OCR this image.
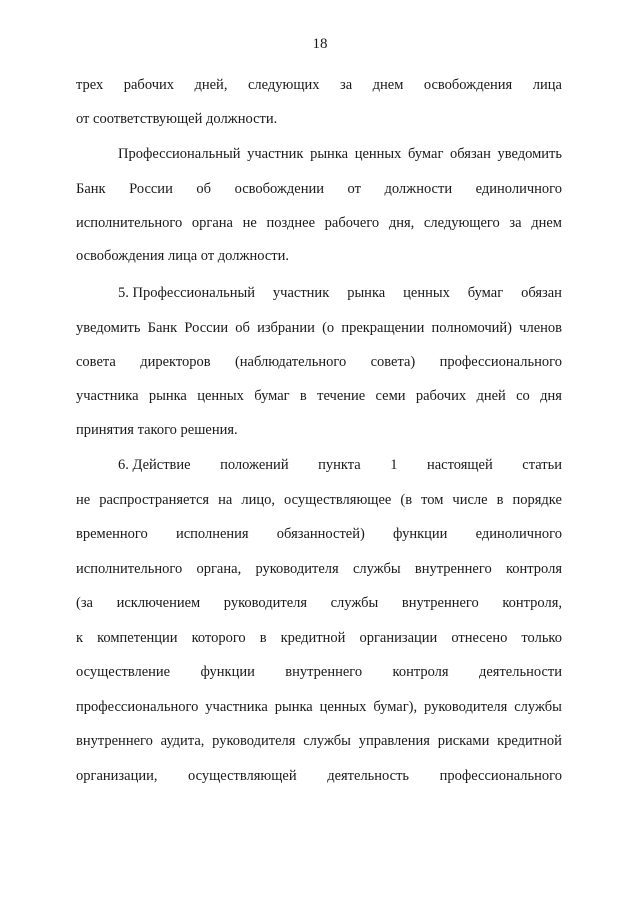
18
трех рабочих дней, следующих за днем освобождения лица
от соответствующей должности.
Профессиональный участник рынка ценных бумаг обязан уведомить
Банк России об освобождении от должности единоличного
исполнительного органа не позднее рабочего дня, следующего за днем
освобождения лица от должности.
5. Профессиональный участник рынка ценных бумаг обязан
уведомить Банк России об избрании (о прекращении полномочий) членов
совета директоров (наблюдательного совета) профессионального
участника рынка ценных бумаг в течение семи рабочих дней со дня
принятия такого решения.
6. Действие положений пункта 1 настоящей статьи
не распространяется на лицо, осуществляющее (в том числе в порядке
временного исполнения обязанностей) функции единоличного
исполнительного органа, руководителя службы внутреннего контроля
(за исключением руководителя службы внутреннего контроля,
к компетенции которого в кредитной организации отнесено только
осуществление функции внутреннего контроля деятельности
профессионального участника рынка ценных бумаг), руководителя службы
внутреннего аудита, руководителя службы управления рисками кредитной
организации, осуществляющей деятельность профессионального
